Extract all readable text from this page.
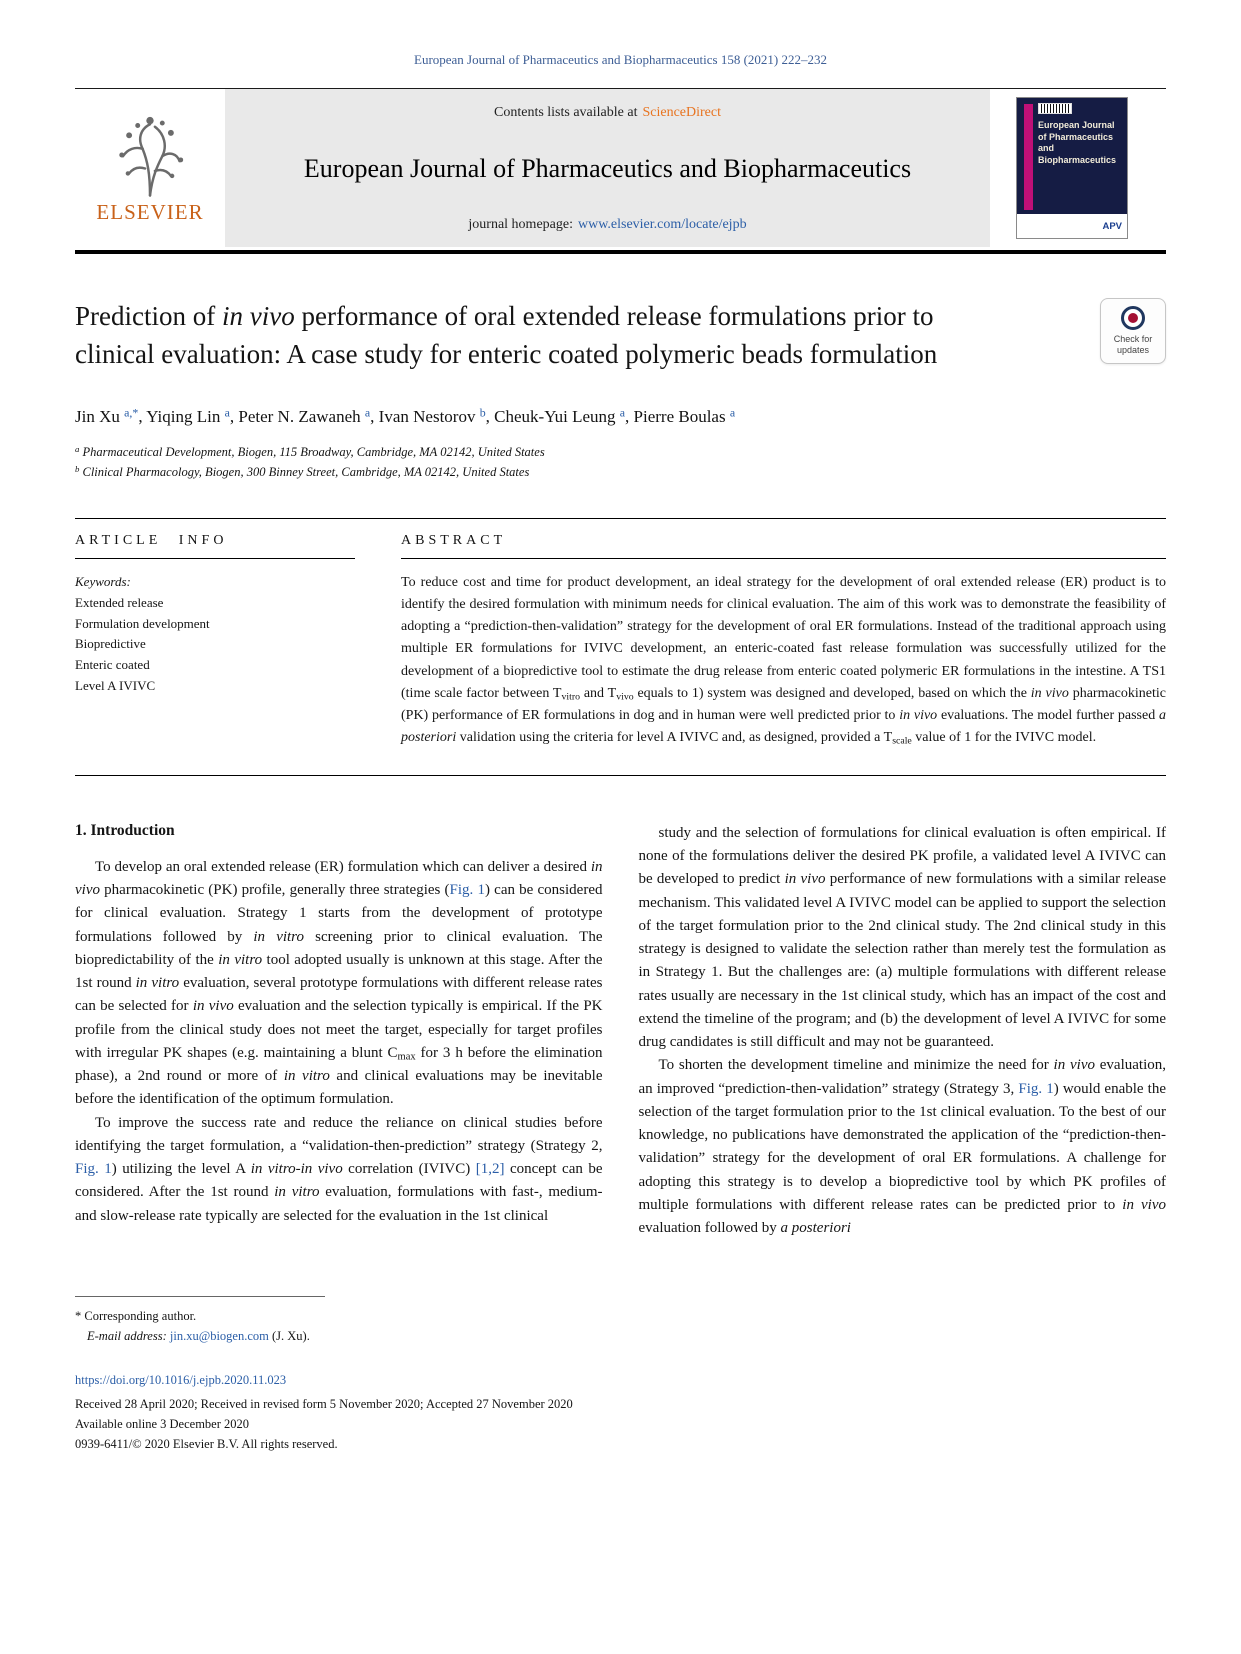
European Journal of Pharmaceutics and Biopharmaceutics 158 (2021) 222–232
ELSEVIER
Contents lists available at ScienceDirect
European Journal of Pharmaceutics and Biopharmaceutics
journal homepage: www.elsevier.com/locate/ejpb
European Journal of Pharmaceutics and Biopharmaceutics
APV
Prediction of in vivo performance of oral extended release formulations prior to clinical evaluation: A case study for enteric coated polymeric beads formulation	Check for
updates
Jin Xu $^{a,*}$, Yiqing Lin $^a$, Peter N. Zawaneh $^a$, Ivan Nestorov $^b$, Cheuk-Yui Leung $^a$, Pierre Boulas $^a$
$^a$ Pharmaceutical Development, Biogen, 115 Broadway, Cambridge, MA 02142, United States
$^b$ Clinical Pharmacology, Biogen, 300 Binney Street, Cambridge, MA 02142, United States
ARTICLE INFO
Keywords:
Extended release
Formulation development
Biopredictive
Enteric coated
Level A IVIVC
ABSTRACT
To reduce cost and time for product development, an ideal strategy for the development of oral extended release (ER) product is to identify the desired formulation with minimum needs for clinical evaluation. The aim of this work was to demonstrate the feasibility of adopting a “prediction-then-validation” strategy for the development of oral ER formulations. Instead of the traditional approach using multiple ER formulations for IVIVC development, an enteric-coated fast release formulation was successfully utilized for the development of a biopredictive tool to estimate the drug release from enteric coated polymeric ER formulations in the intestine. A TS1 (time scale factor between Tvitro and Tvivo equals to 1) system was designed and developed, based on which the in vivo pharmacokinetic (PK) performance of ER formulations in dog and in human were well predicted prior to in vivo evaluations. The model further passed a posteriori validation using the criteria for level A IVIVC and, as designed, provided a Tscale value of 1 for the IVIVC model.
1. Introduction

To develop an oral extended release (ER) formulation which can deliver a desired in vivo pharmacokinetic (PK) profile, generally three strategies (Fig. 1) can be considered for clinical evaluation. Strategy 1 starts from the development of prototype formulations followed by in vitro screening prior to clinical evaluation. The biopredictability of the in vitro tool adopted usually is unknown at this stage. After the 1st round in vitro evaluation, several prototype formulations with different release rates can be selected for in vivo evaluation and the selection typically is empirical. If the PK profile from the clinical study does not meet the target, especially for target profiles with irregular PK shapes (e.g. maintaining a blunt Cmax for 3 h before the elimination phase), a 2nd round or more of in vitro and clinical evaluations may be inevitable before the identification of the optimum formulation.

To improve the success rate and reduce the reliance on clinical studies before identifying the target formulation, a “validation-then-prediction” strategy (Strategy 2, Fig. 1) utilizing the level A in vitro-in vivo correlation (IVIVC) [1,2] concept can be considered. After the 1st round in vitro evaluation, formulations with fast-, medium- and slow-release rate typically are selected for the evaluation in the 1st clinical

study and the selection of formulations for clinical evaluation is often empirical. If none of the formulations deliver the desired PK profile, a validated level A IVIVC can be developed to predict in vivo performance of new formulations with a similar release mechanism. This validated level A IVIVC model can be applied to support the selection of the target formulation prior to the 2nd clinical study. The 2nd clinical study in this strategy is designed to validate the selection rather than merely test the formulation as in Strategy 1. But the challenges are: (a) multiple formulations with different release rates usually are necessary in the 1st clinical study, which has an impact of the cost and extend the timeline of the program; and (b) the development of level A IVIVC for some drug candidates is still difficult and may not be guaranteed.

To shorten the development timeline and minimize the need for in vivo evaluation, an improved “prediction-then-validation” strategy (Strategy 3, Fig. 1) would enable the selection of the target formulation prior to the 1st clinical evaluation. To the best of our knowledge, no publications have demonstrated the application of the “prediction-then-validation” strategy for the development of oral ER formulations. A challenge for adopting this strategy is to develop a biopredictive tool by which PK profiles of multiple formulations with different release rates can be predicted prior to in vivo evaluation followed by a posteriori

* Corresponding author.
E-mail address: jin.xu@biogen.com (J. Xu).
https://doi.org/10.1016/j.ejpb.2020.11.023
Received 28 April 2020; Received in revised form 5 November 2020; Accepted 27 November 2020
Available online 3 December 2020
0939-6411/© 2020 Elsevier B.V. All rights reserved.
